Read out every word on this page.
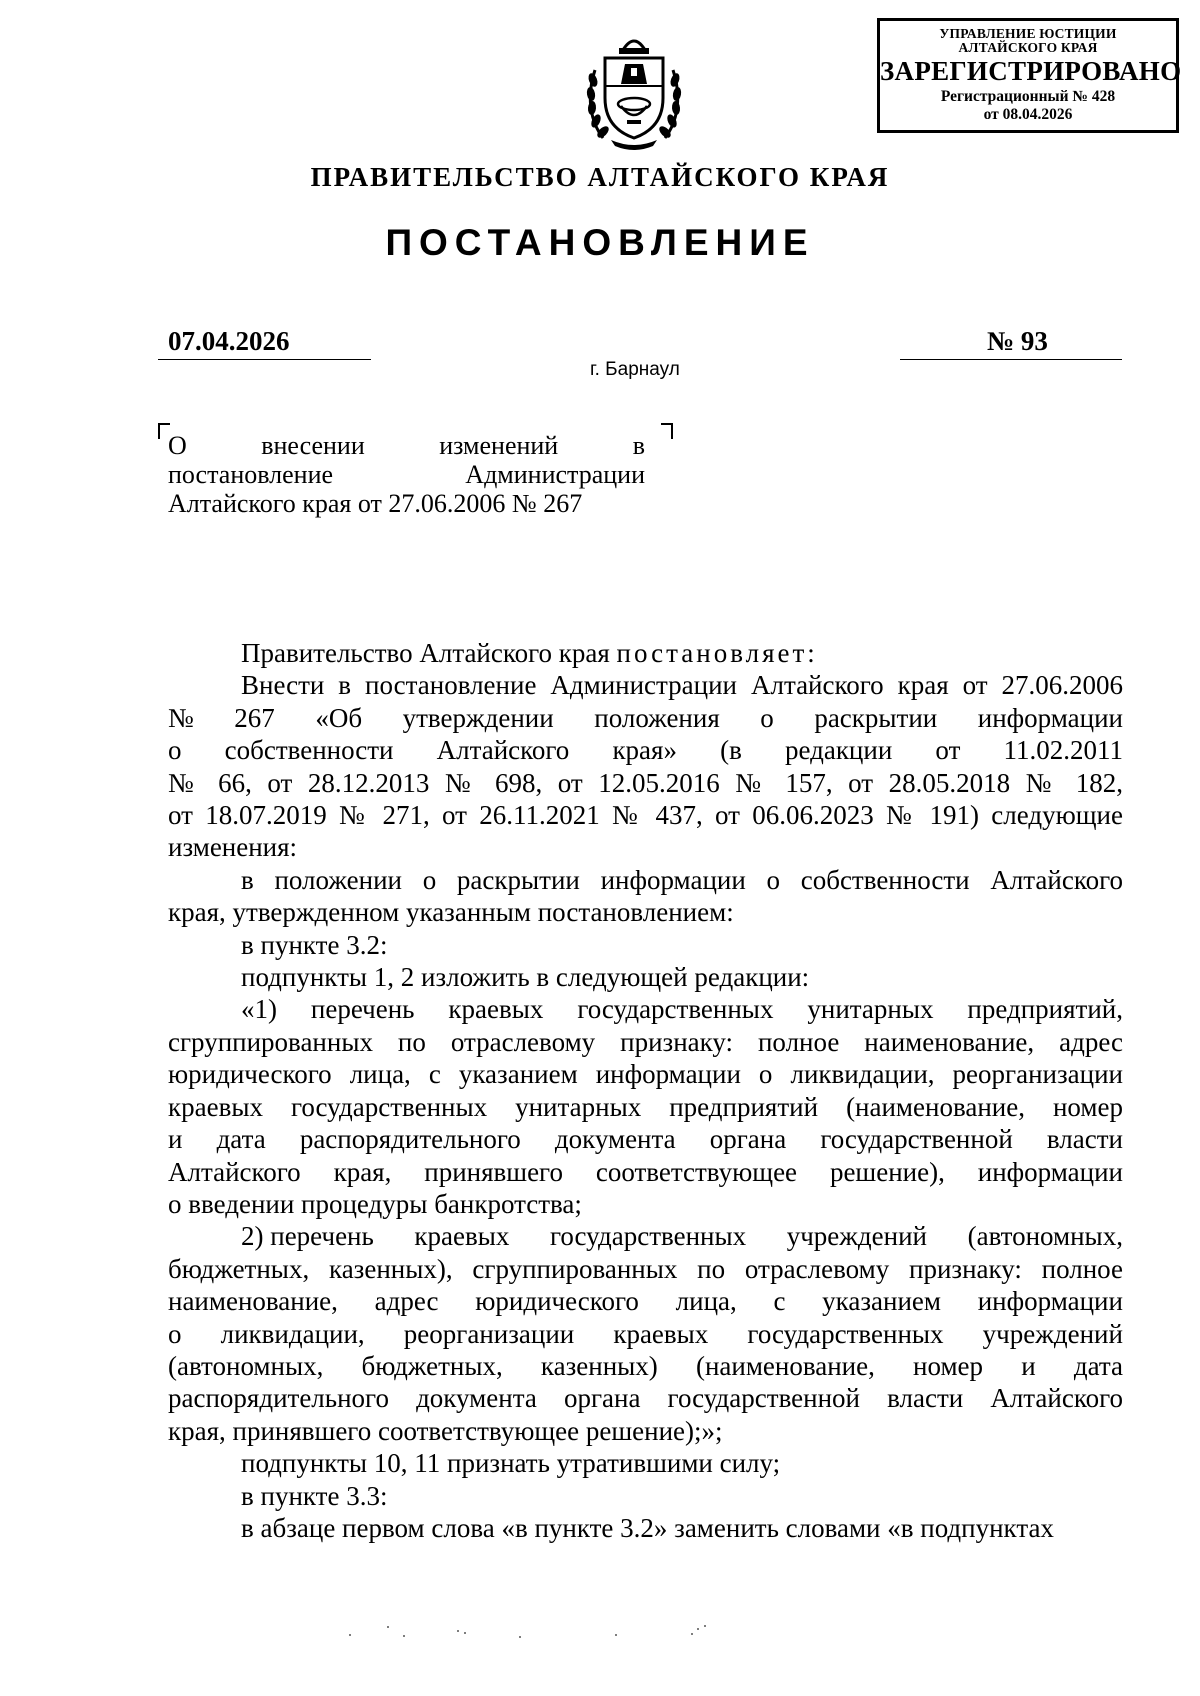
УПРАВЛЕНИЕ ЮСТИЦИИ
АЛТАЙСКОГО КРАЯ
ЗАРЕГИСТРИРОВАНО
Регистрационный № 428
от 08.04.2026
ПРАВИТЕЛЬСТВО АЛТАЙСКОГО КРАЯ
ПОСТАНОВЛЕНИЕ
07.04.2026	№ 93
г. Барнаул
О	внесении	изменений	в
постановление	Администрации
Алтайского края от 27.06.2006 № 267
Правительство Алтайского края постановляет:
Внести в постановление Администрации Алтайского края от 27.06.2006
№ 267 «Об утверждении положения о раскрытии информации
о собственности Алтайского края» (в редакции от 11.02.2011
№ 66, от 28.12.2013 № 698, от 12.05.2016 № 157, от 28.05.2018 № 182,
от 18.07.2019 № 271, от 26.11.2021 № 437, от 06.06.2023 № 191) следующие
изменения:
в положении о раскрытии информации о собственности Алтайского
края, утвержденном указанным постановлением:
в пункте 3.2:
подпункты 1, 2 изложить в следующей редакции:
«1) перечень краевых государственных унитарных предприятий,
сгруппированных по отраслевому признаку: полное наименование, адрес
юридического лица, с указанием информации о ликвидации, реорганизации
краевых государственных унитарных предприятий (наименование, номер
и дата распорядительного документа органа государственной власти
Алтайского края, принявшего соответствующее решение), информации
о введении процедуры банкротства;
2) перечень краевых государственных учреждений (автономных,
бюджетных, казенных), сгруппированных по отраслевому признаку: полное
наименование, адрес юридического лица, с указанием информации
о ликвидации, реорганизации краевых государственных учреждений
(автономных, бюджетных, казенных) (наименование, номер и дата
распорядительного документа органа государственной власти Алтайского
края, принявшего соответствующее решение);»;
подпункты 10, 11 признать утратившими силу;
в пункте 3.3:
в абзаце первом слова «в пункте 3.2» заменить словами «в подпунктах
